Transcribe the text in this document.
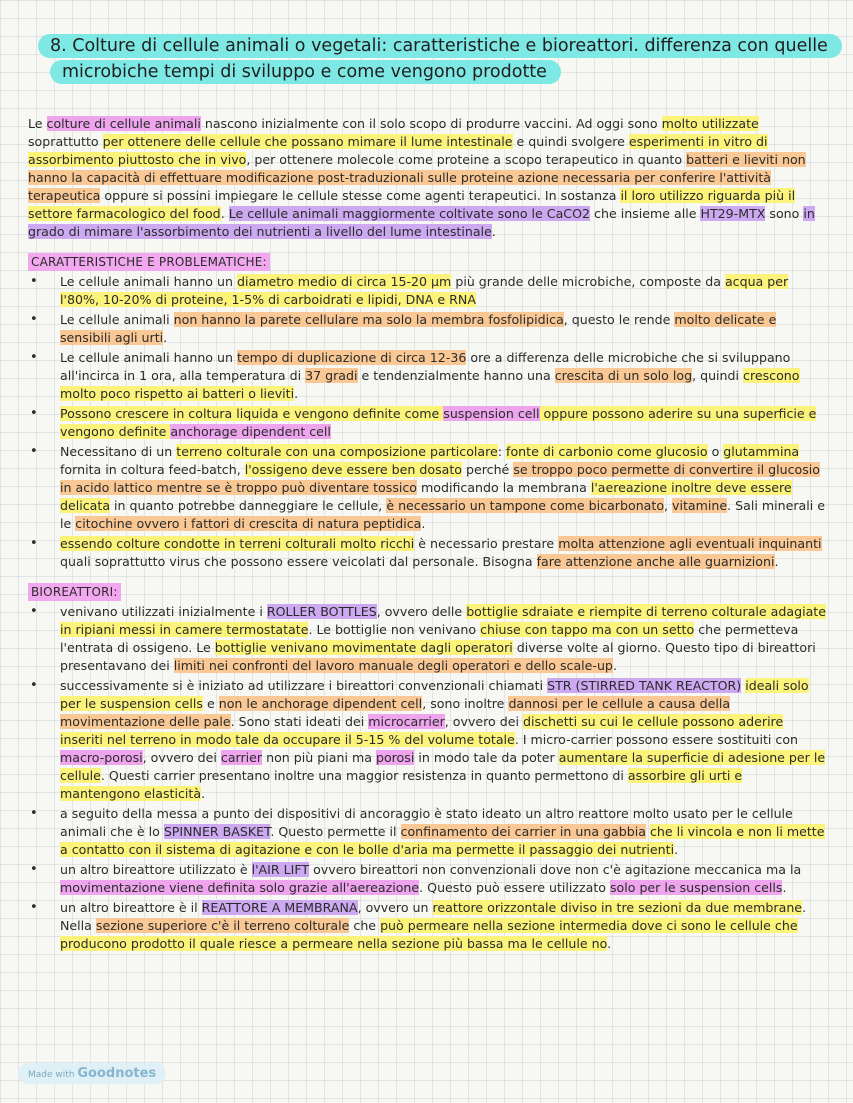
8. Colture di cellule animali o vegetali: caratteristiche e bioreattori. differenza con quelle
microbiche tempi di sviluppo e come vengono prodotte

Le colture di cellule animali nascono inizialmente con il solo scopo di produrre vaccini. Ad oggi sono molto utilizzate soprattutto per ottenere delle cellule che possano mimare il lume intestinale e quindi svolgere esperimenti in vitro di assorbimento piuttosto che in vivo, per ottenere molecole come proteine a scopo terapeutico in quanto batteri e lieviti non hanno la capacità di effettuare modificazione post-traduzionali sulle proteine azione necessaria per conferire l'attività terapeutica oppure si possini impiegare le cellule stesse come agenti terapeutici. In sostanza il loro utilizzo riguarda più il settore farmacologico del food. Le cellule animali maggiormente coltivate sono le CaCO2 che insieme alle HT29-MTX sono in grado di mimare l'assorbimento dei nutrienti a livello del lume intestinale.

CARATTERISTICHE E PROBLEMATICHE:
• Le cellule animali hanno un diametro medio di circa 15-20 µm più grande delle microbiche, composte da acqua per l'80%, 10-20% di proteine, 1-5% di carboidrati e lipidi, DNA e RNA
• Le cellule animali non hanno la parete cellulare ma solo la membra fosfolipidica, questo le rende molto delicate e sensibili agli urti.
• Le cellule animali hanno un tempo di duplicazione di circa 12-36 ore a differenza delle microbiche che si sviluppano all'incirca in 1 ora, alla temperatura di 37 gradi e tendenzialmente hanno una crescita di un solo log, quindi crescono molto poco rispetto ai batteri o lieviti.
• Possono crescere in coltura liquida e vengono definite come suspension cell oppure possono aderire su una superficie e vengono definite anchorage dipendent cell
• Necessitano di un terreno colturale con una composizione particolare: fonte di carbonio come glucosio o glutammina fornita in coltura feed-batch, l'ossigeno deve essere ben dosato perché se troppo poco permette di convertire il glucosio in acido lattico mentre se è troppo può diventare tossico modificando la membrana l'aereazione inoltre deve essere delicata in quanto potrebbe danneggiare le cellule, è necessario un tampone come bicarbonato, vitamine. Sali minerali e le citochine ovvero i fattori di crescita di natura peptidica.
• essendo colture condotte in terreni colturali molto ricchi è necessario prestare molta attenzione agli eventuali inquinanti quali soprattutto virus che possono essere veicolati dal personale. Bisogna fare attenzione anche alle guarnizioni.
BIOREATTORI:
• venivano utilizzati inizialmente i ROLLER BOTTLES, ovvero delle bottiglie sdraiate e riempite di terreno colturale adagiate in ripiani messi in camere termostatate. Le bottiglie non venivano chiuse con tappo ma con un setto che permetteva l'entrata di ossigeno. Le bottiglie venivano movimentate dagli operatori diverse volte al giorno. Questo tipo di bireattori presentavano dei limiti nei confronti del lavoro manuale degli operatori e dello scale-up.
• successivamente si è iniziato ad utilizzare i bireattori convenzionali chiamati STR (STIRRED TANK REACTOR) ideali solo per le suspension cells e non le anchorage dipendent cell, sono inoltre dannosi per le cellule a causa della movimentazione delle pale. Sono stati ideati dei microcarrier, ovvero dei dischetti su cui le cellule possono aderire inseriti nel terreno in modo tale da occupare il 5-15 % del volume totale. I micro-carrier possono essere sostituiti con macro-porosi, ovvero dei carrier non più piani ma porosi in modo tale da poter aumentare la superficie di adesione per le cellule. Questi carrier presentano inoltre una maggior resistenza in quanto permettono di assorbire gli urti e mantengono elasticità.
• a seguito della messa a punto dei dispositivi di ancoraggio è stato ideato un altro reattore molto usato per le cellule animali che è lo SPINNER BASKET. Questo permette il confinamento dei carrier in una gabbia che li vincola e non li mette a contatto con il sistema di agitazione e con le bolle d'aria ma permette il passaggio dei nutrienti.
• un altro bireattore utilizzato è l'AIR LIFT ovvero bireattori non convenzionali dove non c'è agitazione meccanica ma la movimentazione viene definita solo grazie all'aereazione. Questo può essere utilizzato solo per le suspension cells.
• un altro bireattore è il REATTORE A MEMBRANA, ovvero un reattore orizzontale diviso in tre sezioni da due membrane. Nella sezione superiore c'è il terreno colturale che può permeare nella sezione intermedia dove ci sono le cellule che producono prodotto il quale riesce a permeare nella sezione più bassa ma le cellule no.
Made with Goodnotes
